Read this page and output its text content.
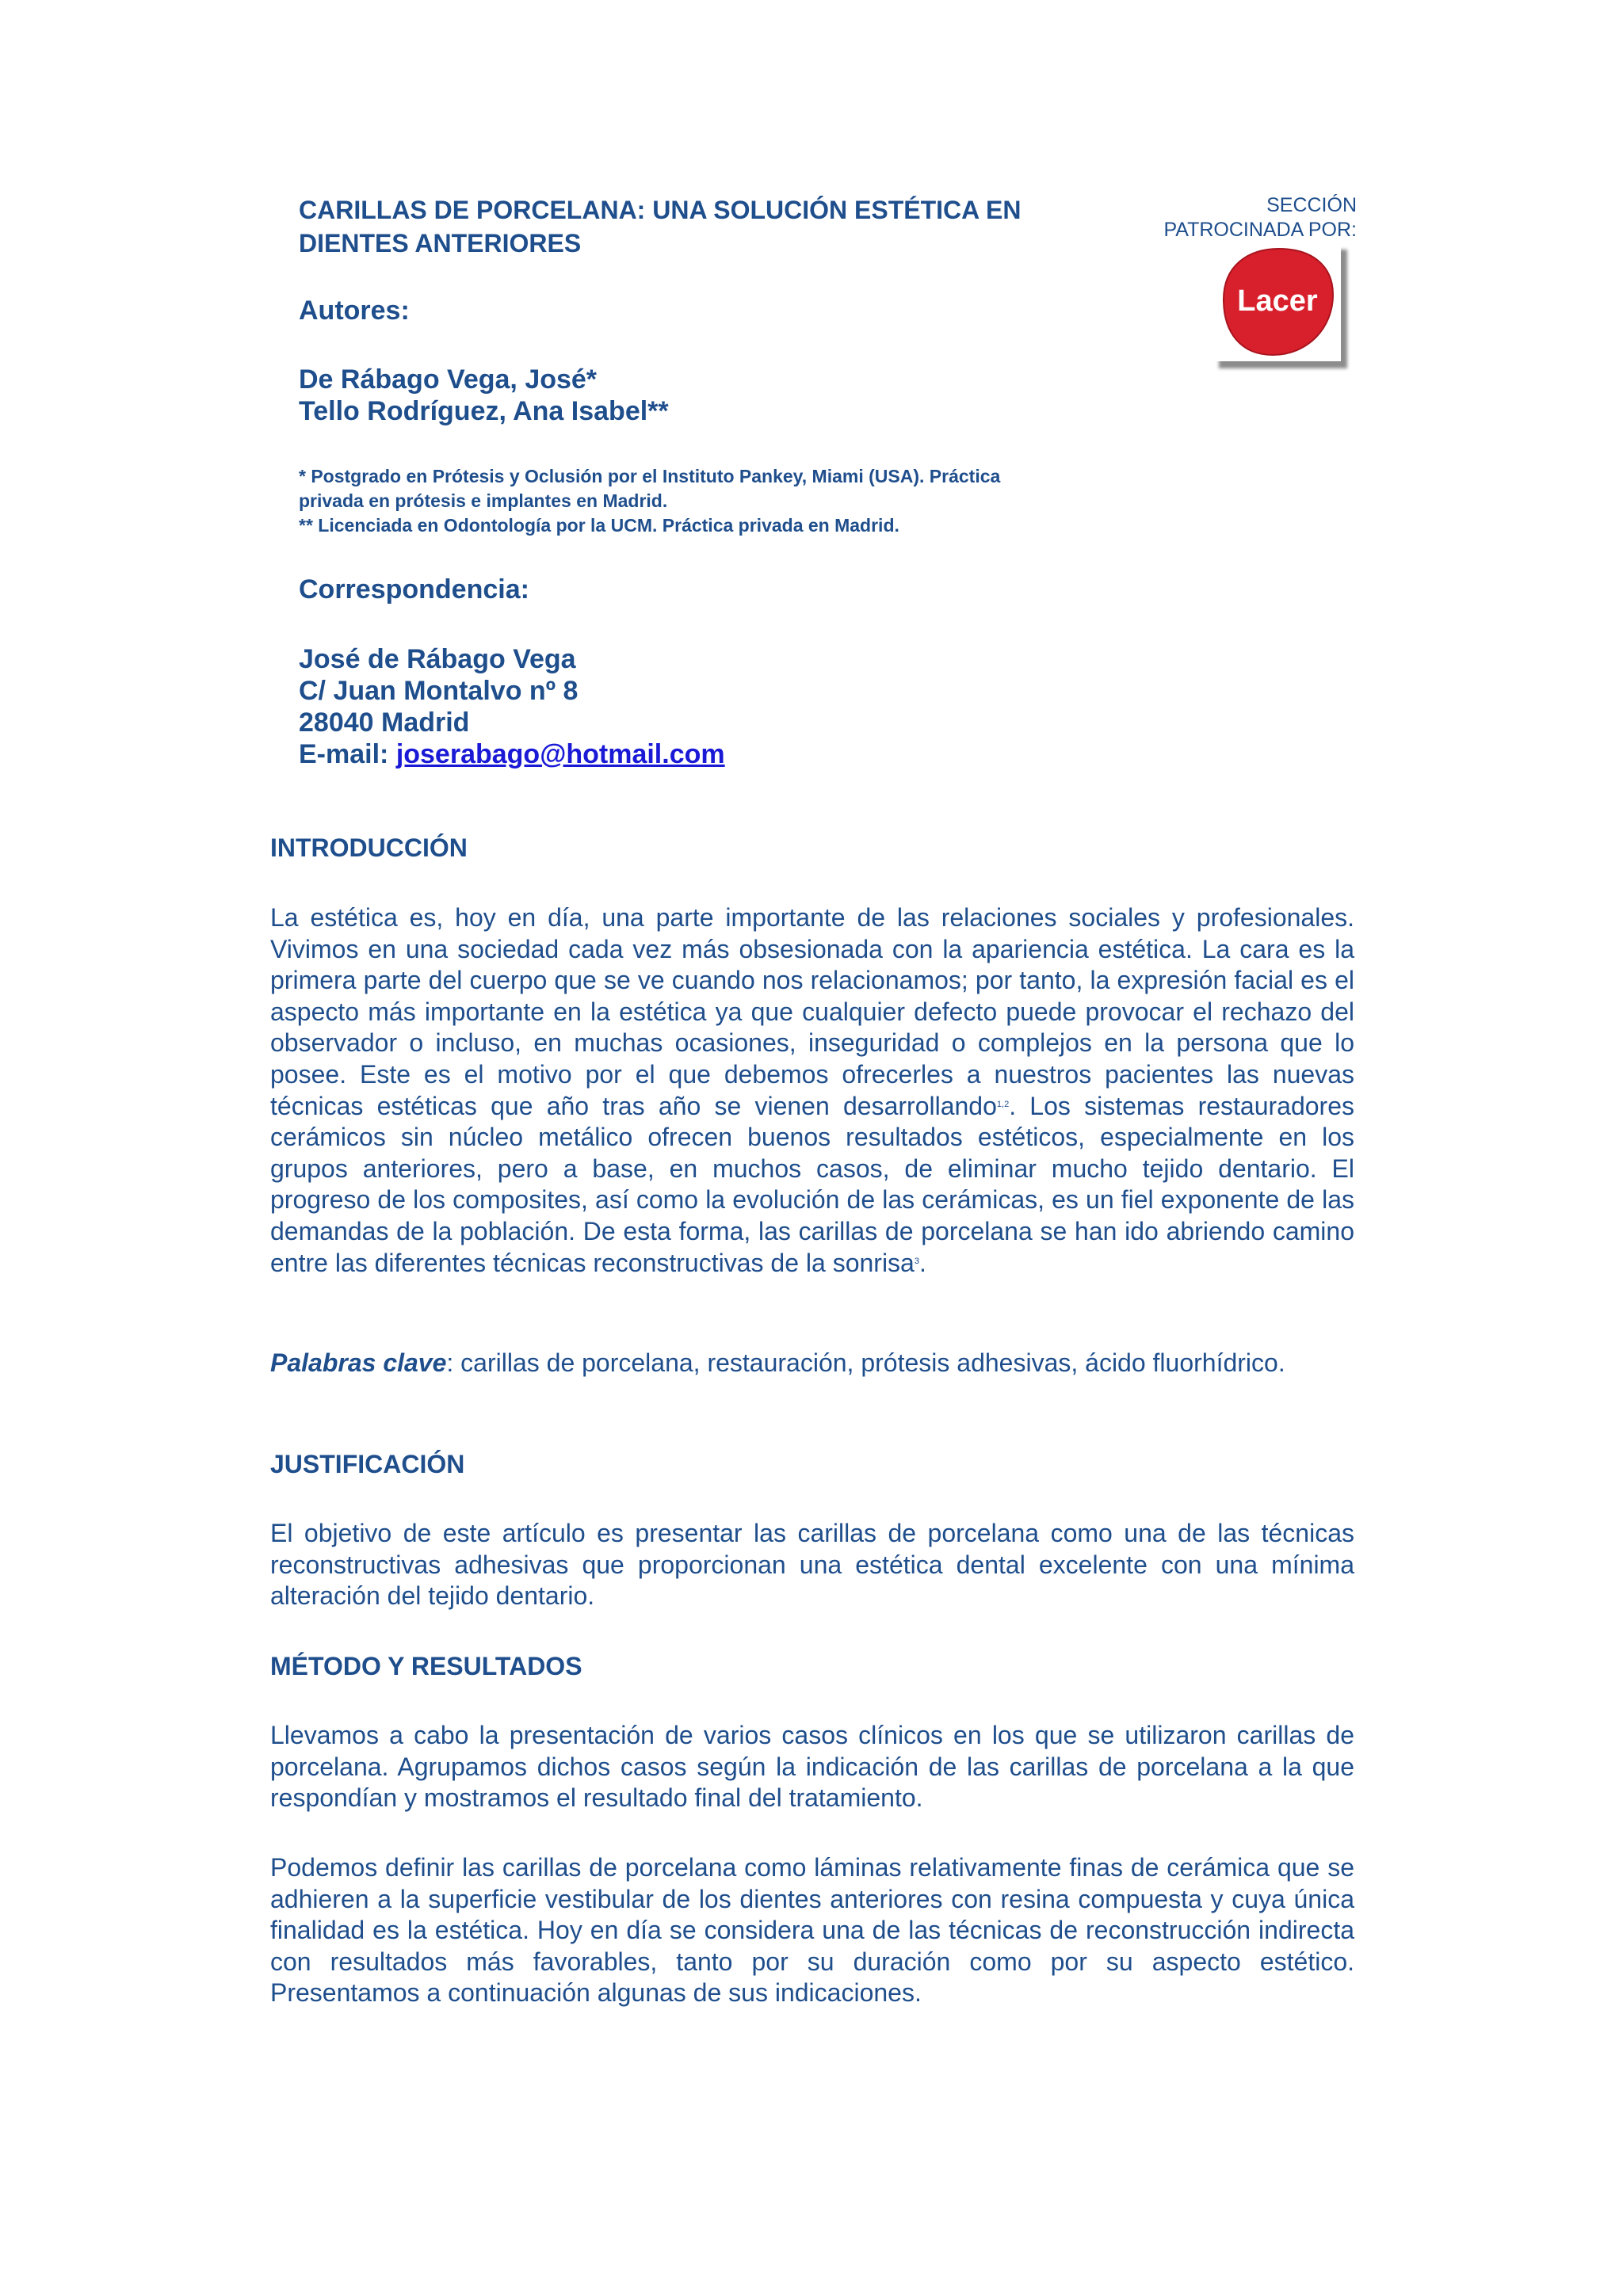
CARILLAS DE PORCELANA: UNA SOLUCIÓN ESTÉTICA EN
DIENTES ANTERIORES
SECCIÓN
PATROCINADA POR:
Lacer
Autores:
De Rábago Vega, José*
Tello Rodríguez, Ana Isabel**
* Postgrado en Prótesis y Oclusión por el Instituto Pankey, Miami (USA). Práctica
privada en prótesis e implantes en Madrid.
** Licenciada en Odontología por la UCM. Práctica privada en Madrid.
Correspondencia:
José de Rábago Vega
C/ Juan Montalvo nº 8
28040 Madrid
E-mail: joserabago@hotmail.com
INTRODUCCIÓN
La estética es, hoy en día, una parte importante de las relaciones sociales y profesionales. Vivimos en una sociedad cada vez más obsesionada con la apariencia estética. La cara es la primera parte del cuerpo que se ve cuando nos relacionamos; por tanto, la expresión facial es el aspecto más importante en la estética ya que cualquier defecto puede provocar el rechazo del observador o incluso, en muchas ocasiones, inseguridad o complejos en la persona que lo posee. Este es el motivo por el que debemos ofrecerles a nuestros pacientes las nuevas técnicas estéticas que año tras año se vienen desarrollando$^{1,2}$. Los sistemas restauradores cerámicos sin núcleo metálico ofrecen buenos resultados estéticos, especialmente en los grupos anteriores, pero a base, en muchos casos, de eliminar mucho tejido dentario. El progreso de los composites, así como la evolución de las cerámicas, es un fiel exponente de las demandas de la población. De esta forma, las carillas de porcelana se han ido abriendo camino entre las diferentes técnicas reconstructivas de la sonrisa$^3$.
Palabras clave: carillas de porcelana, restauración, prótesis adhesivas, ácido fluorhídrico.
JUSTIFICACIÓN
El objetivo de este artículo es presentar las carillas de porcelana como una de las técnicas reconstructivas adhesivas que proporcionan una estética dental excelente con una mínima alteración del tejido dentario.
MÉTODO Y RESULTADOS
Llevamos a cabo la presentación de varios casos clínicos en los que se utilizaron carillas de porcelana. Agrupamos dichos casos según la indicación de las carillas de porcelana a la que respondían y mostramos el resultado final del tratamiento.
Podemos definir las carillas de porcelana como láminas relativamente finas de cerámica que se adhieren a la superficie vestibular de los dientes anteriores con resina compuesta y cuya única finalidad es la estética. Hoy en día se considera una de las técnicas de reconstrucción indirecta con resultados más favorables, tanto por su duración como por su aspecto estético. Presentamos a continuación algunas de sus indicaciones.
